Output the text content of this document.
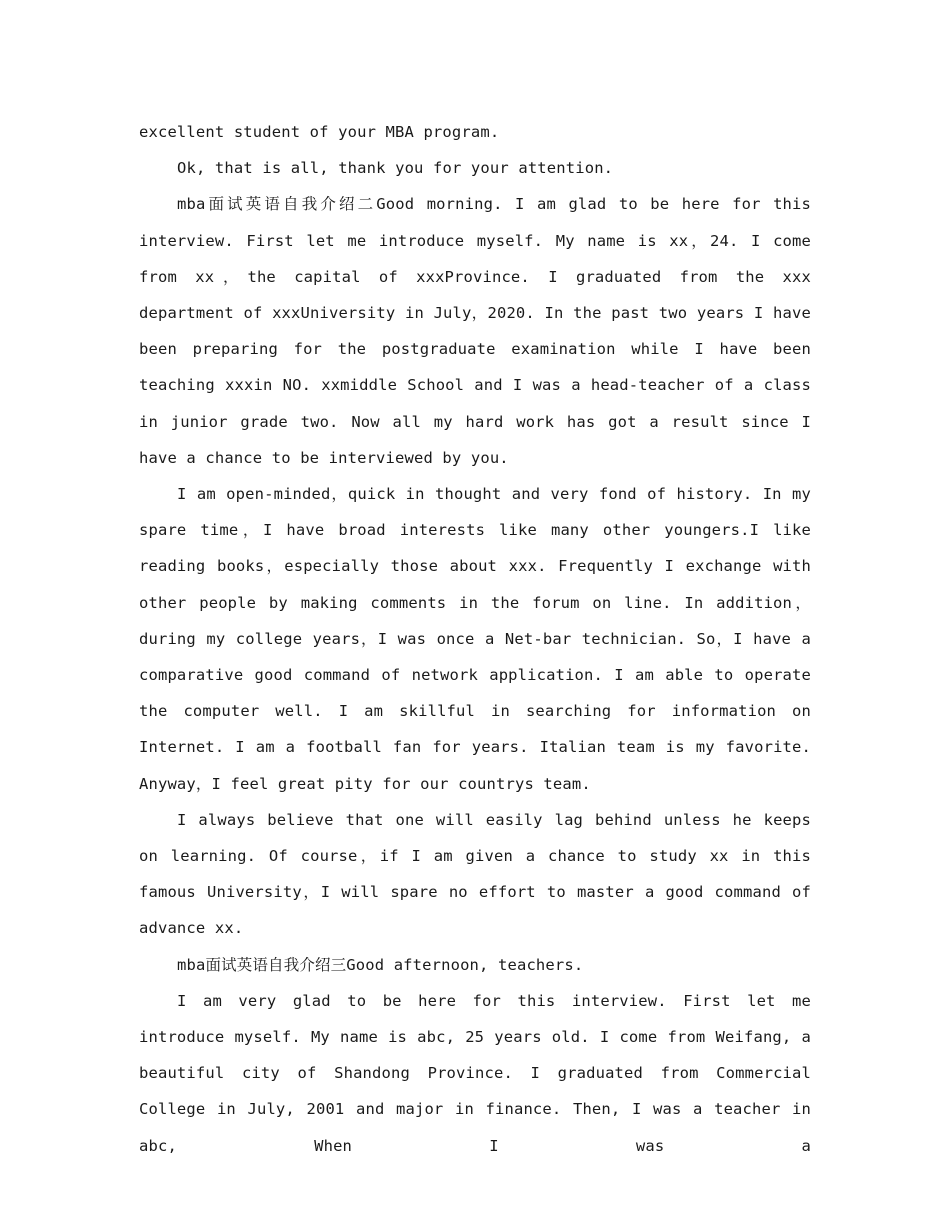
excellent student of your MBA program.

Ok, that is all, thank you for your attention.

mba面试英语自我介绍二Good morning. I am glad to be here for this interview. First let me introduce myself. My name is xx，24. I come from xx，the capital of xxxProvince. I graduated from the xxx department of xxxUniversity in July，2020. In the past two years I have been preparing for the postgraduate examination while I have been teaching xxxin NO. xxmiddle School and I was a head-teacher of a class in junior grade two. Now all my hard work has got a result since I have a chance to be interviewed by you.

I am open-minded，quick in thought and very fond of history. In my spare time，I have broad interests like many other youngers.I like reading books，especially those about xxx. Frequently I exchange with other people by making comments in the forum on line. In addition，during my college years，I was once a Net-bar technician. So，I have a comparative good command of network application. I am able to operate the computer well. I am skillful in searching for information on Internet. I am a football fan for years. Italian team is my favorite. Anyway，I feel great pity for our countrys team.

I always believe that one will easily lag behind unless he keeps on learning. Of course，if I am given a chance to study xx in this famous University，I will spare no effort to master a good command of advance xx.

mba面试英语自我介绍三Good afternoon, teachers.

I am very glad to be here for this interview. First let me introduce myself. My name is abc, 25 years old. I come from Weifang, a beautiful city of Shandong Province. I graduated from Commercial College in July, 2001 and major in finance. Then, I was a teacher in abc, When I was a
